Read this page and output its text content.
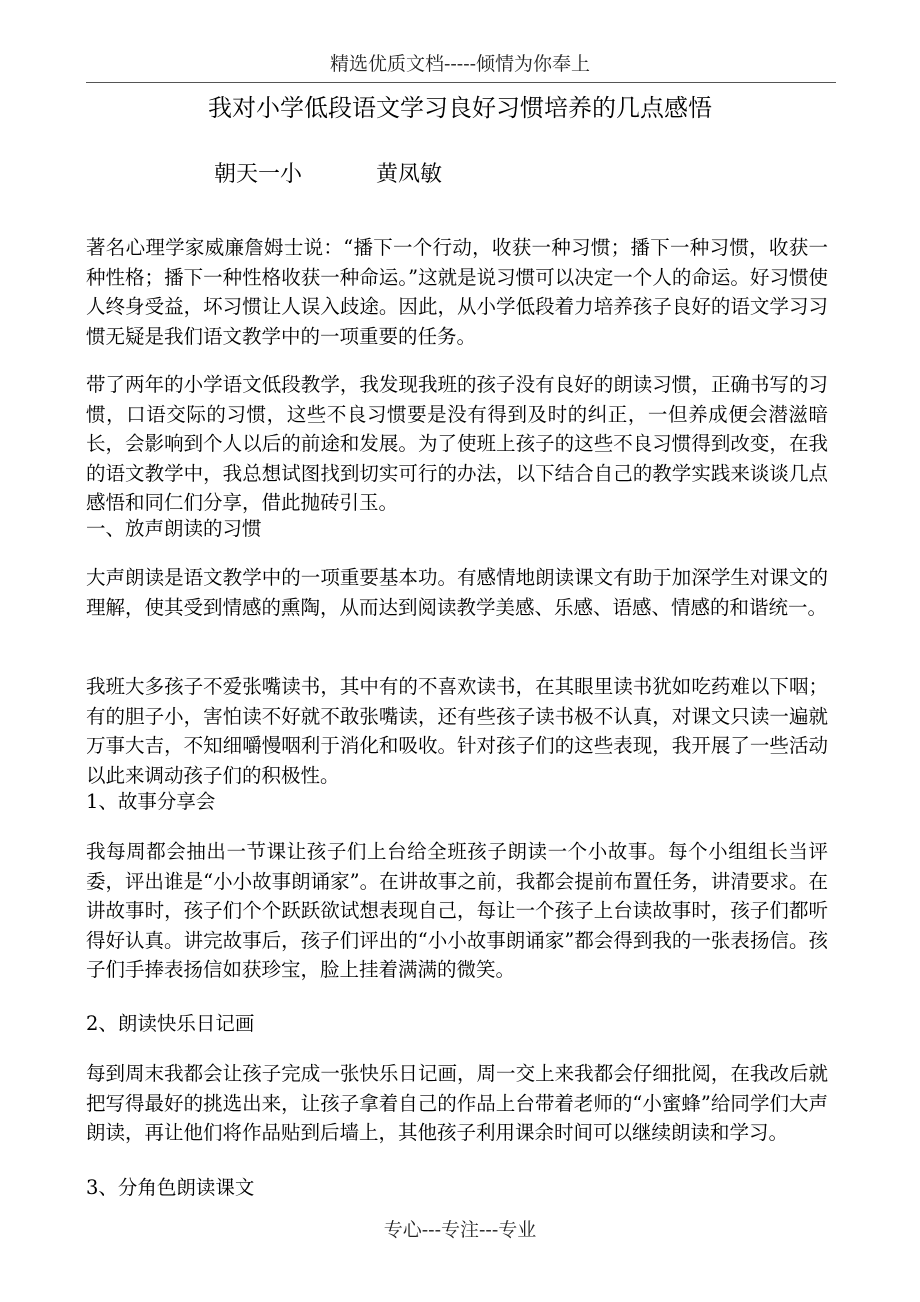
精选优质文档-----倾情为你奉上
我对小学低段语文学习良好习惯培养的几点感悟
朝天一小	黄凤敏

著名心理学家威廉詹姆士说：“播下一个行动，收获一种习惯；播下一种习惯，收获一种性格；播下一种性格收获一种命运。”这就是说习惯可以决定一个人的命运。好习惯使人终身受益，坏习惯让人误入歧途。因此，从小学低段着力培养孩子良好的语文学习习惯无疑是我们语文教学中的一项重要的任务。

带了两年的小学语文低段教学，我发现我班的孩子没有良好的朗读习惯，正确书写的习惯，口语交际的习惯，这些不良习惯要是没有得到及时的纠正，一但养成便会潜滋暗长，会影响到个人以后的前途和发展。为了使班上孩子的这些不良习惯得到改变，在我的语文教学中，我总想试图找到切实可行的办法，以下结合自己的教学实践来谈谈几点感悟和同仁们分享，借此抛砖引玉。

一、放声朗读的习惯

大声朗读是语文教学中的一项重要基本功。有感情地朗读课文有助于加深学生对课文的理解，使其受到情感的熏陶，从而达到阅读教学美感、乐感、语感、情感的和谐统一。

我班大多孩子不爱张嘴读书，其中有的不喜欢读书，在其眼里读书犹如吃药难以下咽；有的胆子小，害怕读不好就不敢张嘴读，还有些孩子读书极不认真，对课文只读一遍就万事大吉，不知细嚼慢咽利于消化和吸收。针对孩子们的这些表现，我开展了一些活动以此来调动孩子们的积极性。

1、故事分享会

我每周都会抽出一节课让孩子们上台给全班孩子朗读一个小故事。每个小组组长当评委，评出谁是“小小故事朗诵家”。在讲故事之前，我都会提前布置任务，讲清要求。在讲故事时，孩子们个个跃跃欲试想表现自己，每让一个孩子上台读故事时，孩子们都听得好认真。讲完故事后，孩子们评出的“小小故事朗诵家”都会得到我的一张表扬信。孩子们手捧表扬信如获珍宝，脸上挂着满满的微笑。

2、朗读快乐日记画

每到周末我都会让孩子完成一张快乐日记画，周一交上来我都会仔细批阅，在我改后就把写得最好的挑选出来，让孩子拿着自己的作品上台带着老师的“小蜜蜂”给同学们大声朗读，再让他们将作品贴到后墙上，其他孩子利用课余时间可以继续朗读和学习。

3、分角色朗读课文

专心---专注---专业
